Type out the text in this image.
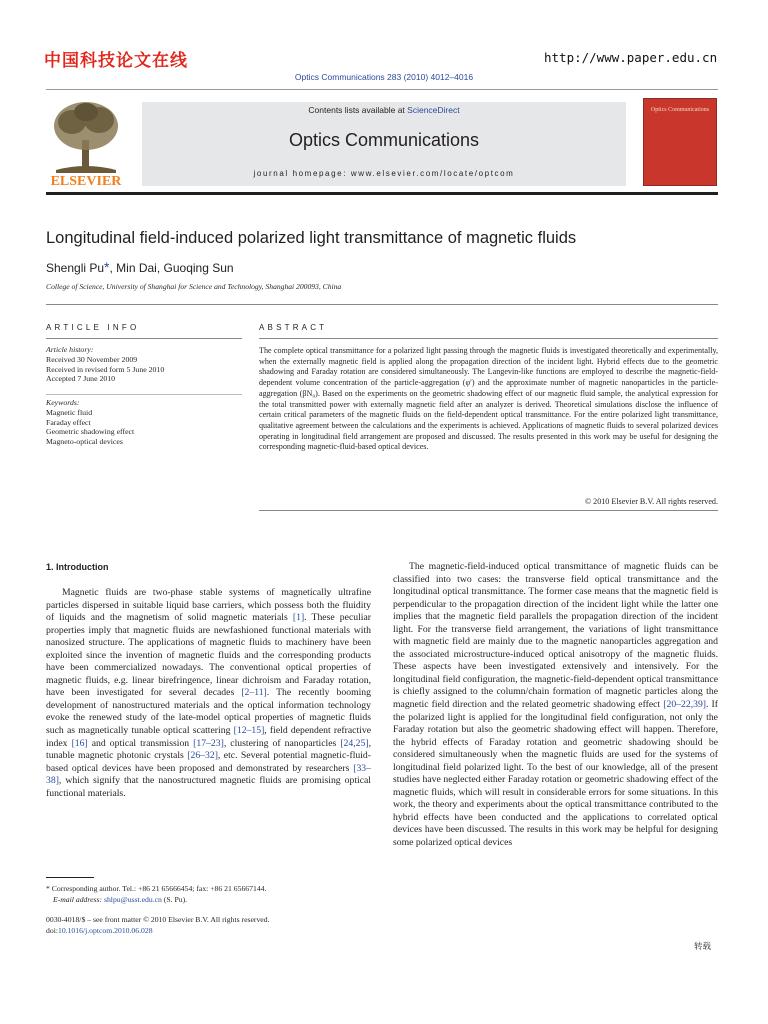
中国科技论文在线	http://www.paper.edu.cn
Optics Communications 283 (2010) 4012–4016
ELSEVIER
Contents lists available at ScienceDirect
Optics Communications
journal homepage: www.elsevier.com/locate/optcom
Optics Communications
Longitudinal field-induced polarized light transmittance of magnetic fluids
Shengli Pu*, Min Dai, Guoqing Sun
College of Science, University of Shanghai for Science and Technology, Shanghai 200093, China
ARTICLE INFO	ABSTRACT
Article history:
Received 30 November 2009
Received in revised form 5 June 2010
Accepted 7 June 2010
Keywords:
Magnetic fluid
Faraday effect
Geometric shadowing effect
Magneto-optical devices
The complete optical transmittance for a polarized light passing through the magnetic fluids is investigated theoretically and experimentally, when the externally magnetic field is applied along the propagation direction of the incident light. Hybrid effects due to the geometric shadowing and Faraday rotation are considered simultaneously. The Langevin-like functions are employed to describe the magnetic-field-dependent volume concentration of the particle-aggregation (φ′) and the approximate number of magnetic nanoparticles in the particle-aggregation (βN₀). Based on the experiments on the geometric shadowing effect of our magnetic fluid sample, the analytical expression for the total transmitted power with externally magnetic field after an analyzer is derived. Theoretical simulations disclose the influence of certain critical parameters of the magnetic fluids on the field-dependent optical transmittance. For the entire polarized light transmittance, qualitative agreement between the calculations and the experiments is achieved. Applications of magnetic fluids to several polarized devices operating in longitudinal field arrangement are proposed and discussed. The results presented in this work may be useful for designing the corresponding magnetic-fluid-based optical devices.
© 2010 Elsevier B.V. All rights reserved.
1. Introduction
Magnetic fluids are two-phase stable systems of magnetically ultrafine particles dispersed in suitable liquid base carriers, which possess both the fluidity of liquids and the magnetism of solid magnetic materials [1]. These peculiar properties imply that magnetic fluids are newfashioned functional materials with nanosized structure. The applications of magnetic fluids to machinery have been exploited since the invention of magnetic fluids and the corresponding products have been commercialized nowadays. The conventional optical properties of magnetic fluids, e.g. linear birefringence, linear dichroism and Faraday rotation, have been investigated for several decades [2–11]. The recently booming development of nanostructured materials and the optical information technology evoke the renewed study of the late-model optical properties of magnetic fluids such as magnetically tunable optical scattering [12–15], field dependent refractive index [16] and optical transmission [17–23], clustering of nanoparticles [24,25], tunable magnetic photonic crystals [26–32], etc. Several potential magnetic-fluid-based optical devices have been proposed and demonstrated by researchers [33–38], which signify that the nanostructured magnetic fluids are promising optical functional materials.
The magnetic-field-induced optical transmittance of magnetic fluids can be classified into two cases: the transverse field optical transmittance and the longitudinal optical transmittance. The former case means that the magnetic field is perpendicular to the propagation direction of the incident light while the latter one implies that the magnetic field parallels the propagation direction of the incident light. For the transverse field arrangement, the variations of light transmittance with magnetic field are mainly due to the magnetic nanoparticles aggregation and the associated microstructure-induced optical anisotropy of the magnetic fluids. These aspects have been investigated extensively and intensively. For the longitudinal field configuration, the magnetic-field-dependent optical transmittance is chiefly assigned to the column/chain formation of magnetic particles along the magnetic field direction and the related geometric shadowing effect [20–22,39]. If the polarized light is applied for the longitudinal field configuration, not only the Faraday rotation but also the geometric shadowing effect will happen. Therefore, the hybrid effects of Faraday rotation and geometric shadowing should be considered simultaneously when the magnetic fluids are used for the systems of longitudinal field polarized light. To the best of our knowledge, all of the present studies have neglected either Faraday rotation or geometric shadowing effect of the magnetic fluids, which will result in considerable errors for some situations. In this work, the theory and experiments about the optical transmittance contributed to the hybrid effects have been conducted and the applications to correlated optical devices have been discussed. The results in this work may be helpful for designing some polarized optical devices
* Corresponding author. Tel.: +86 21 65666454; fax: +86 21 65667144.
E-mail address: shlpu@usst.edu.cn (S. Pu).
0030-4018/$ – see front matter © 2010 Elsevier B.V. All rights reserved.
doi:10.1016/j.optcom.2010.06.028
转载
